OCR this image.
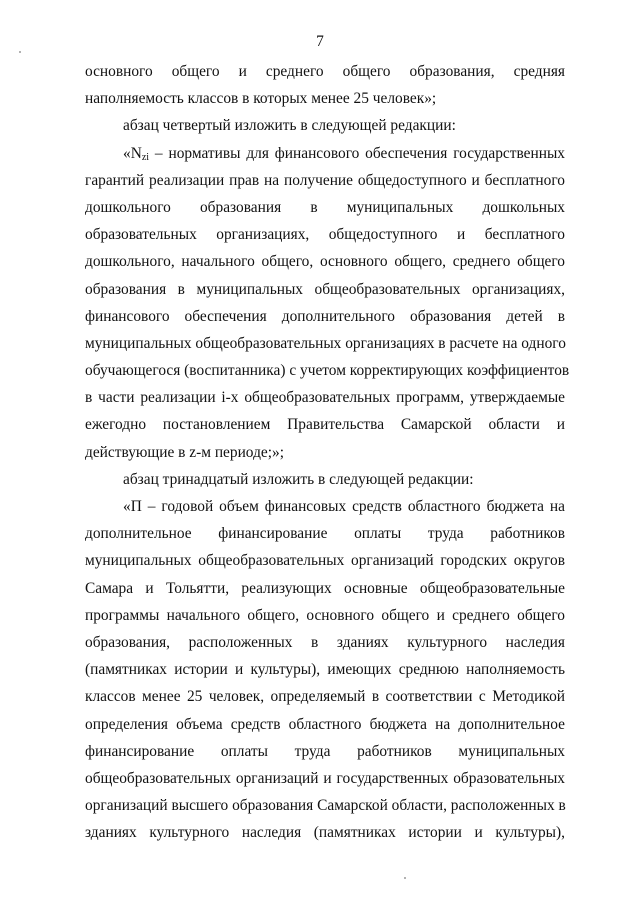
7
основного общего и среднего общего образования, средняя
наполняемость классов в которых менее 25 человек»;
абзац четвертый изложить в следующей редакции:
«$N_{zi}$ – нормативы для финансового обеспечения государственных
гарантий реализации прав на получение общедоступного и бесплатного
дошкольного образования в муниципальных дошкольных
образовательных организациях, общедоступного и бесплатного
дошкольного, начального общего, основного общего, среднего общего
образования в муниципальных общеобразовательных организациях,
финансового обеспечения дополнительного образования детей в
муниципальных общеобразовательных организациях в расчете на одного
обучающегося (воспитанника) с учетом корректирующих коэффициентов
в части реализации i-х общеобразовательных программ, утверждаемые
ежегодно постановлением Правительства Самарской области и
действующие в z-м периоде;»;
абзац тринадцатый изложить в следующей редакции:
«П – годовой объем финансовых средств областного бюджета на
дополнительное финансирование оплаты труда работников
муниципальных общеобразовательных организаций городских округов
Самара и Тольятти, реализующих основные общеобразовательные
программы начального общего, основного общего и среднего общего
образования, расположенных в зданиях культурного наследия
(памятниках истории и культуры), имеющих среднюю наполняемость
классов менее 25 человек, определяемый в соответствии с Методикой
определения объема средств областного бюджета на дополнительное
финансирование оплаты труда работников муниципальных
общеобразовательных организаций и государственных образовательных
организаций высшего образования Самарской области, расположенных в
зданиях культурного наследия (памятниках истории и культуры),
